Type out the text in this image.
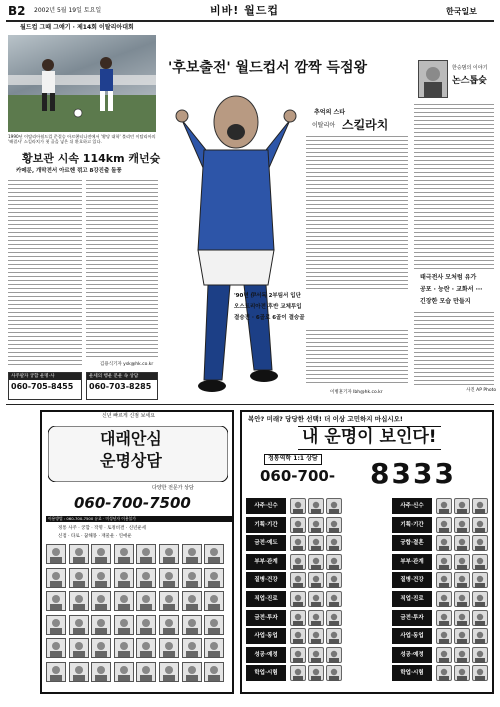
B2 2002년 5월 19일 토요일	비바! 월드컵	한국일보
월드컵 그때 그얘기 · 제14회 이탈리아대회
1990년 이탈리아월드컵 준결승 아르헨티나전에서 '황당 대학' 불리던 이탈리아의 '해결사' 스킬라치가 첫 골을 넣은 뒤 환호하고 있다.
황보관 시속 114km 캐넌슛
카메룬, 개막전서 아르헨 꺾고 8강진출 돌풍
김용식기자 ysk@hk.co.kr
사주팔자 궁합 운명·사
060-705-8455
운세의 행운 문운 속 상담
060-703-8285
'후보출전' 월드컵서 깜짝 득점왕
추억의 스타
이탈리아 스킬라치
'90년 伊서독 2부팀서 입단
오스트리아전 후반 교체투입
결승전 · 6골로 6골이 결승골
이병훈기자 lbh@hk.co.kr
한승범의 이야기
논스톱슛
태극전사 모처럼 유가
공포 · 능란 · 교화서 ···
긴장한 모습 만들지
사진 AP Photo
신년 빠르게 신점 보세요
대래안심
운명상담
다양한 전문가 상담
060-700-7500
이용방법 : 060-700-7500 유료 · 미성년자 이용불가
정통 사주 · 궁합 · 작명 · 토정비결 · 신년운세
신점 · 타로 · 꿈해몽 · 재물운 · 연애운
복안? 미래? 당당한 선택! 더 이상 고민하지 마십시오!
내 운명이 보인다!
정통역학 1:1 상담
060-700- 8333
사주·신수	사주·신수
기획·기간	기획·기간
금전·예도	궁합·결혼
부부·관계	부부·관계
질병·건강	질병·건강
직업·진로	직업·진로
금전·투자	금전·투자
사업·동업	사업·동업
성공·예정	성공·예정
학업·시험	학업·시험
